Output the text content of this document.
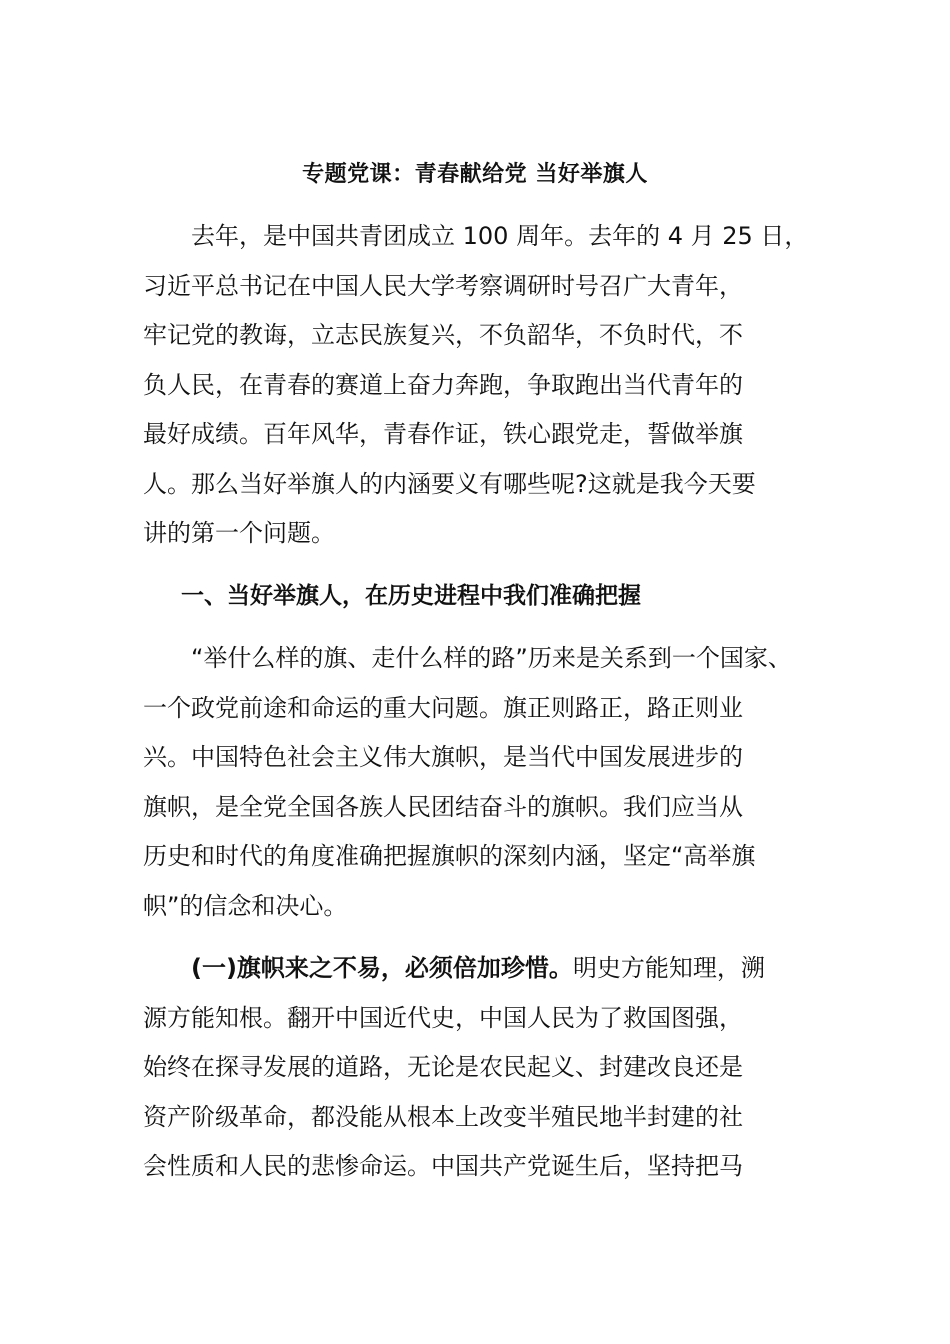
专题党课：青春献给党 当好举旗人
　　去年，是中国共青团成立 100 周年。去年的 4 月 25 日，
习近平总书记在中国人民大学考察调研时号召广大青年，
牢记党的教诲，立志民族复兴，不负韶华，不负时代，不
负人民，在青春的赛道上奋力奔跑，争取跑出当代青年的
最好成绩。百年风华，青春作证，铁心跟党走，誓做举旗
人。那么当好举旗人的内涵要义有哪些呢?这就是我今天要
讲的第一个问题。
一、当好举旗人，在历史进程中我们准确把握
　　“举什么样的旗、走什么样的路”历来是关系到一个国家、
一个政党前途和命运的重大问题。旗正则路正，路正则业
兴。中国特色社会主义伟大旗帜，是当代中国发展进步的
旗帜，是全党全国各族人民团结奋斗的旗帜。我们应当从
历史和时代的角度准确把握旗帜的深刻内涵，坚定“高举旗
帜”的信念和决心。
　　(一)旗帜来之不易，必须倍加珍惜。明史方能知理，溯
源方能知根。翻开中国近代史，中国人民为了救国图强，
始终在探寻发展的道路，无论是农民起义、封建改良还是
资产阶级革命，都没能从根本上改变半殖民地半封建的社
会性质和人民的悲惨命运。中国共产党诞生后，坚持把马
